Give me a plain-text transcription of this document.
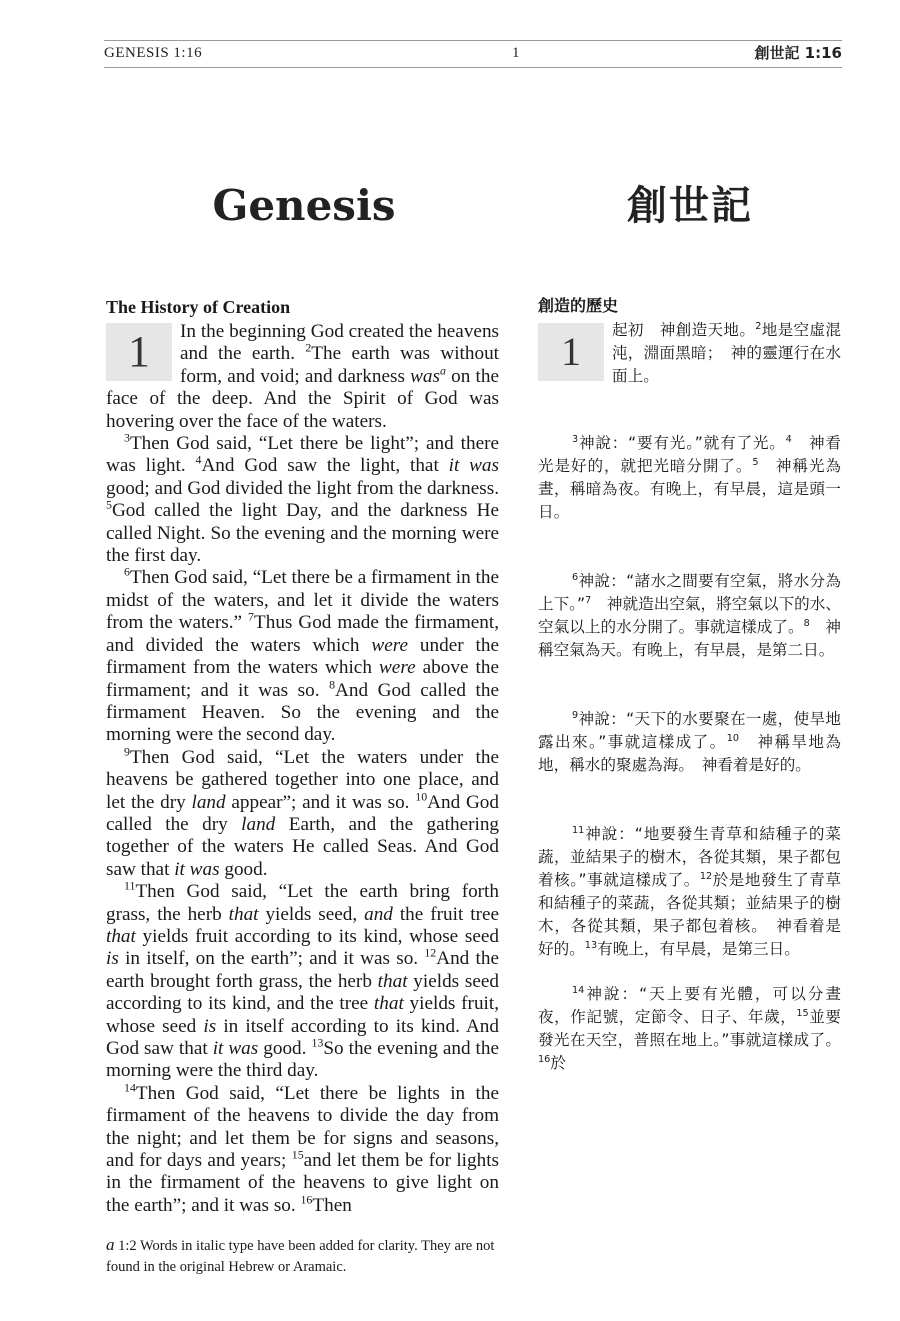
GENESIS 1:16	1	創世記 1:16
Genesis	創世記
The History of Creation

1	In the beginning God created the heavens and the earth. $^2$The earth was without form, and void; and darkness was$^a$ on the face of the deep. And the Spirit of God was hovering over the face of the waters.

$^3$Then God said, “Let there be light”; and there was light. $^4$And God saw the light, that it was good; and God divided the light from the darkness. $^5$God called the light Day, and the darkness He called Night. So the evening and the morning were the first day.

$^6$Then God said, “Let there be a firmament in the midst of the waters, and let it divide the waters from the waters.” $^7$Thus God made the firmament, and divided the waters which were under the firmament from the waters which were above the firmament; and it was so. $^8$And God called the firmament Heaven. So the evening and the morning were the second day.

$^9$Then God said, “Let the waters under the heavens be gathered together into one place, and let the dry land appear”; and it was so. $^{10}$And God called the dry land Earth, and the gathering together of the waters He called Seas. And God saw that it was good.

$^{11}$Then God said, “Let the earth bring forth grass, the herb that yields seed, and the fruit tree that yields fruit according to its kind, whose seed is in itself, on the earth”; and it was so. $^{12}$And the earth brought forth grass, the herb that yields seed according to its kind, and the tree that yields fruit, whose seed is in itself according to its kind. And God saw that it was good. $^{13}$So the evening and the morning were the third day.

$^{14}$Then God said, “Let there be lights in the firmament of the heavens to divide the day from the night; and let them be for signs and seasons, and for days and years; $^{15}$and let them be for lights in the firmament of the heavens to give light on the earth”; and it was so. $^{16}$Then

創造的歷史

1	起初　神創造天地。$^2$地是空虛混沌，淵面黑暗；　神的靈運行在水面上。

$^3$神說：“要有光。”就有了光。$^4$　神看光是好的，就把光暗分開了。$^5$　神稱光為晝，稱暗為夜。有晚上，有早晨，這是頭一日。

$^6$神說：“諸水之間要有空氣，將水分為上下。”$^7$　神就造出空氣，將空氣以下的水、空氣以上的水分開了。事就這樣成了。$^8$　神稱空氣為天。有晚上，有早晨，是第二日。

$^9$神說：“天下的水要聚在一處，使旱地露出來。”事就這樣成了。$^{10}$　神稱旱地為地，稱水的聚處為海。　神看着是好的。

$^{11}$神說：“地要發生青草和結種子的菜蔬，並結果子的樹木，各從其類，果子都包着核。”事就這樣成了。$^{12}$於是地發生了青草和結種子的菜蔬，各從其類；並結果子的樹木，各從其類，果子都包着核。　神看着是好的。$^{13}$有晚上，有早晨，是第三日。

$^{14}$神說：“天上要有光體，可以分晝夜，作記號，定節令、日子、年歲，$^{15}$並要發光在天空，普照在地上。”事就這樣成了。$^{16}$於

a 1:2 Words in italic type have been added for clarity. They are not found in the original Hebrew or Aramaic.
